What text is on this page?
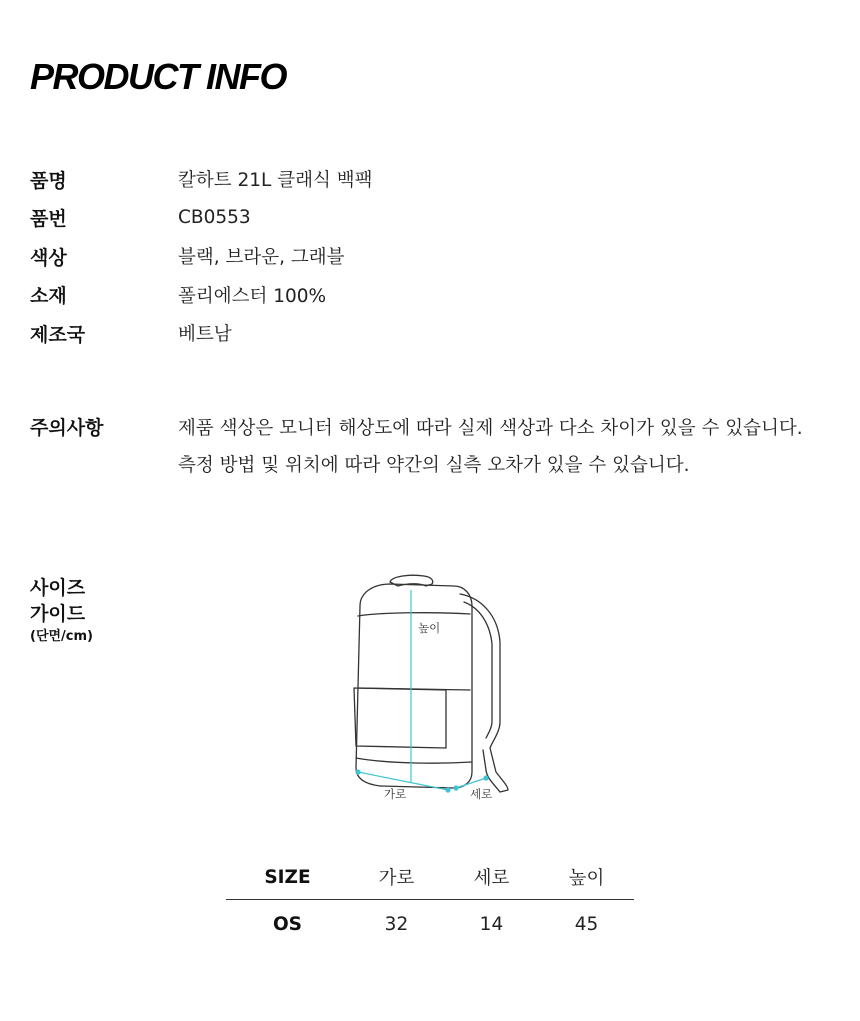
PRODUCT INFO
품명	칼하트 21L 클래식 백팩
품번	CB0553
색상	블랙, 브라운, 그래블
소재	폴리에스터 100%
제조국	베트남
주의사항	제품 색상은 모니터 해상도에 따라 실제 색상과 다소 차이가 있을 수 있습니다.
측정 방법 및 위치에 따라 약간의 실측 오차가 있을 수 있습니다.
사이즈
가이드
(단면/cm)
높이
가로	세로
SIZE	가로	세로	높이
OS	32	14	45
